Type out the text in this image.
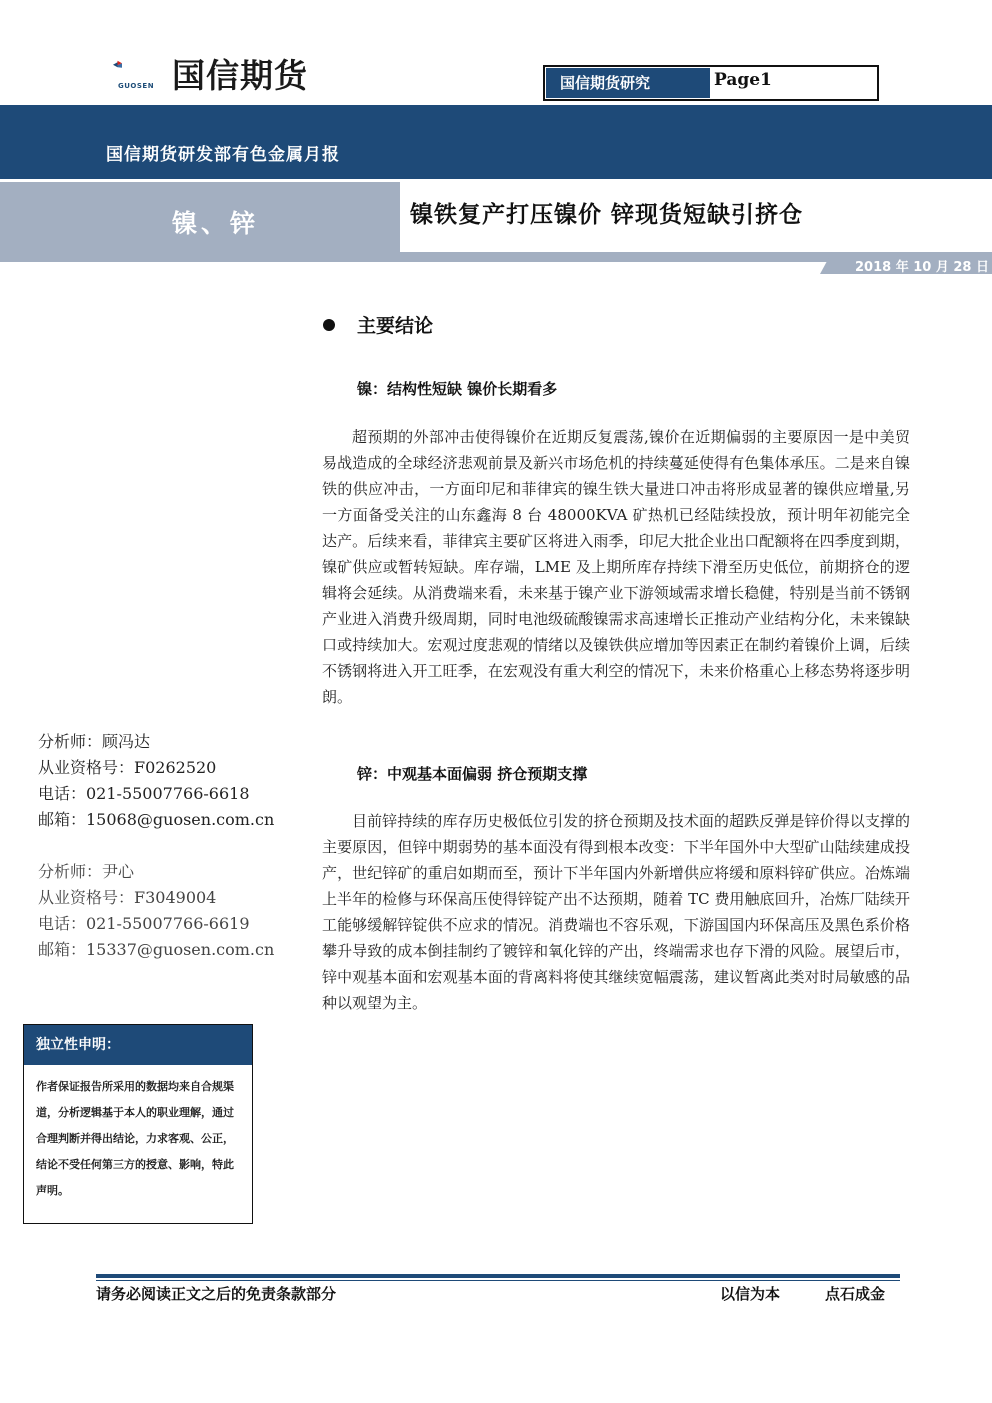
国信期货
GUOSEN	国信期货研究	Page1
国信期货研发部有色金属月报
镍、锌	镍铁复产打压镍价 锌现货短缺引挤仓
2018 年 10 月 28 日
主要结论
镍：结构性短缺 镍价长期看多

超预期的外部冲击使得镍价在近期反复震荡,镍价在近期偏弱的主要原因一是中美贸易战造成的全球经济悲观前景及新兴市场危机的持续蔓延使得有色集体承压。二是来自镍铁的供应冲击，一方面印尼和菲律宾的镍生铁大量进口冲击将形成显著的镍供应增量,另一方面备受关注的山东鑫海 8 台 48000KVA 矿热机已经陆续投放，预计明年初能完全达产。后续来看，菲律宾主要矿区将进入雨季，印尼大批企业出口配额将在四季度到期，镍矿供应或暂转短缺。库存端，LME 及上期所库存持续下滑至历史低位，前期挤仓的逻辑将会延续。从消费端来看，未来基于镍产业下游领域需求增长稳健，特别是当前不锈钢产业进入消费升级周期，同时电池级硫酸镍需求高速增长正推动产业结构分化，未来镍缺口或持续加大。宏观过度悲观的情绪以及镍铁供应增加等因素正在制约着镍价上调，后续不锈钢将进入开工旺季，在宏观没有重大利空的情况下，未来价格重心上移态势将逐步明朗。

锌：中观基本面偏弱 挤仓预期支撑

目前锌持续的库存历史极低位引发的挤仓预期及技术面的超跌反弹是锌价得以支撑的主要原因，但锌中期弱势的基本面没有得到根本改变：下半年国外中大型矿山陆续建成投产，世纪锌矿的重启如期而至，预计下半年国内外新增供应将缓和原料锌矿供应。冶炼端上半年的检修与环保高压使得锌锭产出不达预期，随着 TC 费用触底回升，冶炼厂陆续开工能够缓解锌锭供不应求的情况。消费端也不容乐观，下游国国内环保高压及黑色系价格攀升导致的成本倒挂制约了镀锌和氧化锌的产出，终端需求也存下滑的风险。展望后市，锌中观基本面和宏观基本面的背离料将使其继续宽幅震荡，建议暂离此类对时局敏感的品种以观望为主。

分析师：顾冯达
从业资格号：F0262520
电话：021-55007766-6618
邮箱：15068@guosen.com.cn
分析师：尹心
从业资格号：F3049004
电话：021-55007766-6619
邮箱：15337@guosen.com.cn
独立性申明：

作者保证报告所采用的数据均来自合规渠道，分析逻辑基于本人的职业理解，通过合理判断并得出结论，力求客观、公正，结论不受任何第三方的授意、影响，特此声明。

请务必阅读正文之后的免责条款部分	以信为本	点石成金
